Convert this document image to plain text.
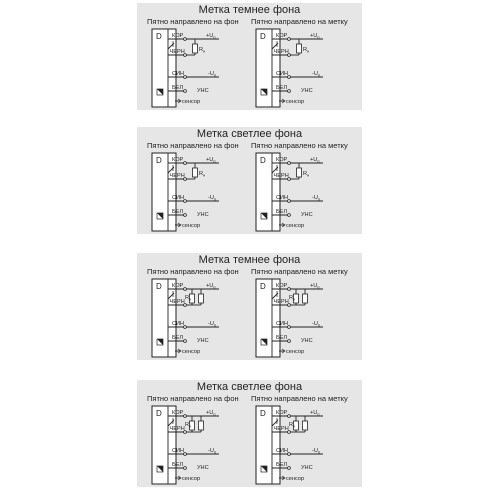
Метка темнее фона
Пятно направлено на фон Пятно направлено на метку
D КОР
ЧЕРН
СИН
БЕЛ
$+U_п$
$-U_п$
$R_н$
УНС
сенсор
D КОР
ЧЕРН
СИН
БЕЛ
$+U_п$
$-U_п$
$R_н$
УНС
сенсор
Метка светлее фона
Пятно направлено на фон Пятно направлено на метку
D КОР
ЧЕРН
СИН
БЕЛ
$+U_п$
$-U_п$
$R_н$
УНС
сенсор
D КОР
ЧЕРН
СИН
БЕЛ
$+U_п$
$-U_п$
$R_н$
УНС
сенсор
Метка темнее фона
Пятно направлено на фон Пятно направлено на метку
D КОР
ЧЕРН
СИН
БЕЛ
$+U_п$
$-U_п$
$R_н$
УНС
сенсор
D КОР
ЧЕРН
СИН
БЕЛ
$+U_п$
$-U_п$
$R_н$
УНС
сенсор
Метка светлее фона
Пятно направлено на фон Пятно направлено на метку
D КОР
ЧЕРН
СИН
БЕЛ
$+U_п$
$-U_п$
$R_н$
УНС
сенсор
D КОР
ЧЕРН
СИН
БЕЛ
$+U_п$
$-U_п$
$R_н$
УНС
сенсор
